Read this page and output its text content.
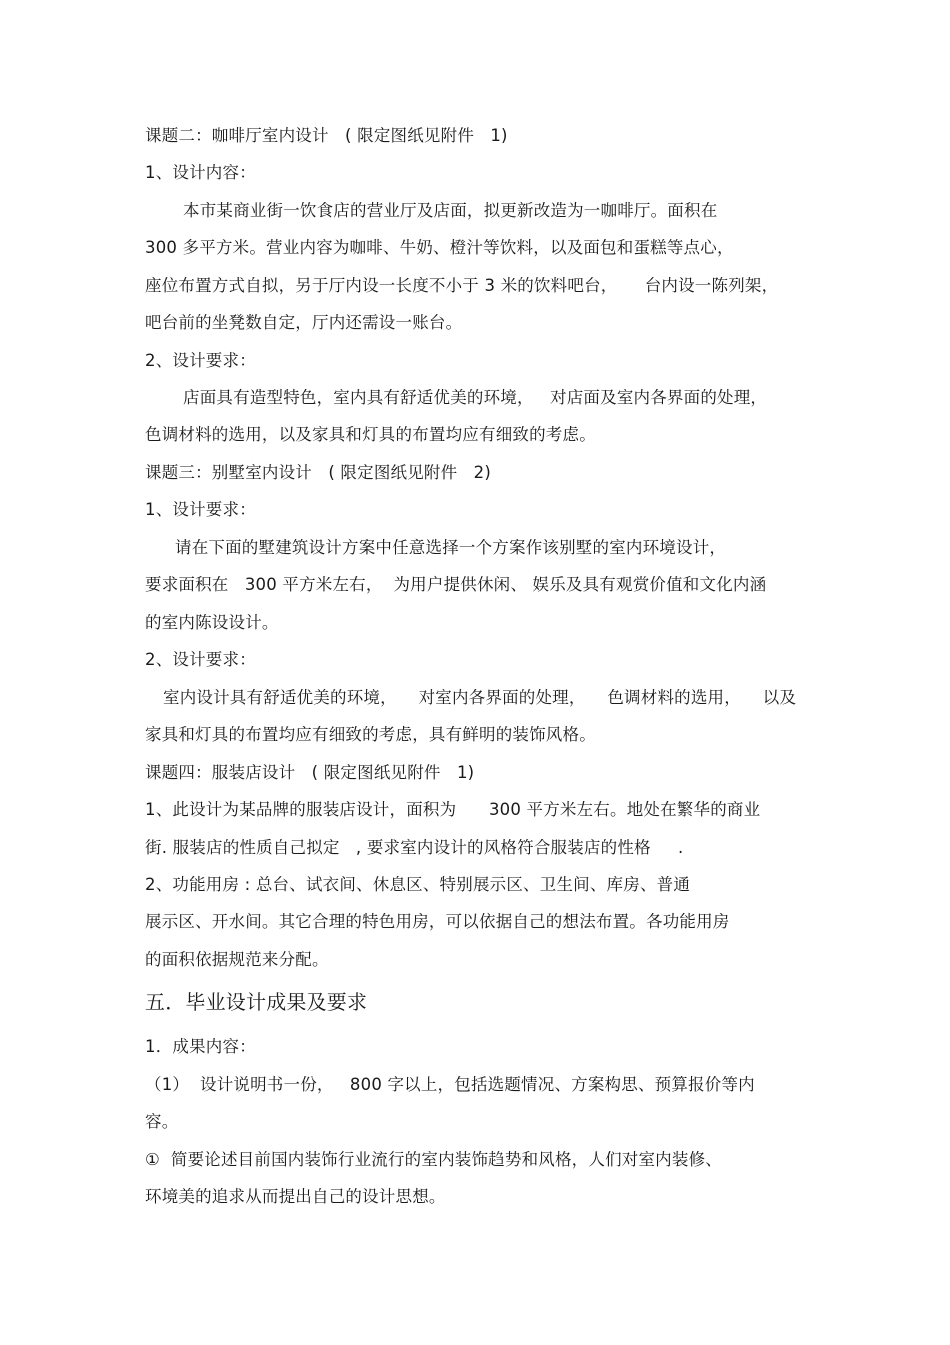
课题二：咖啡厅室内设计   ( 限定图纸见附件   1)
1、设计内容：
本市某商业街一饮食店的营业厅及店面，拟更新改造为一咖啡厅。面积在
300 多平方米。营业内容为咖啡、牛奶、橙汁等饮料，以及面包和蛋糕等点心，
座位布置方式自拟，另于厅内设一长度不小于 3 米的饮料吧台，     台内设一陈列架，
吧台前的坐凳数自定，厅内还需设一账台。
2、设计要求：
店面具有造型特色，室内具有舒适优美的环境，   对店面及室内各界面的处理，
色调材料的选用，以及家具和灯具的布置均应有细致的考虑。
课题三：别墅室内设计   ( 限定图纸见附件   2)
1、设计要求：
请在下面的墅建筑设计方案中任意选择一个方案作该别墅的室内环境设计，
要求面积在   300 平方米左右，  为用户提供休闲、 娱乐及具有观赏价值和文化内涵
的室内陈设设计。
2、设计要求：
室内设计具有舒适优美的环境，    对室内各界面的处理，    色调材料的选用，    以及
家具和灯具的布置均应有细致的考虑，具有鲜明的装饰风格。
课题四：服装店设计   ( 限定图纸见附件   1)
1、此设计为某品牌的服装店设计，面积为      300 平方米左右。地处在繁华的商业
街. 服装店的性质自己拟定   , 要求室内设计的风格符合服装店的性格     .
2、功能用房 : 总台、试衣间、休息区、特别展示区、卫生间、库房、普通
展示区、开水间。其它合理的特色用房，可以依据自己的想法布置。各功能用房
的面积依据规范来分配。
五．毕业设计成果及要求
1．成果内容：
（1）  设计说明书一份，   800 字以上，包括选题情况、方案构思、预算报价等内
容。
①  简要论述目前国内装饰行业流行的室内装饰趋势和风格，人们对室内装修、
环境美的追求从而提出自己的设计思想。
